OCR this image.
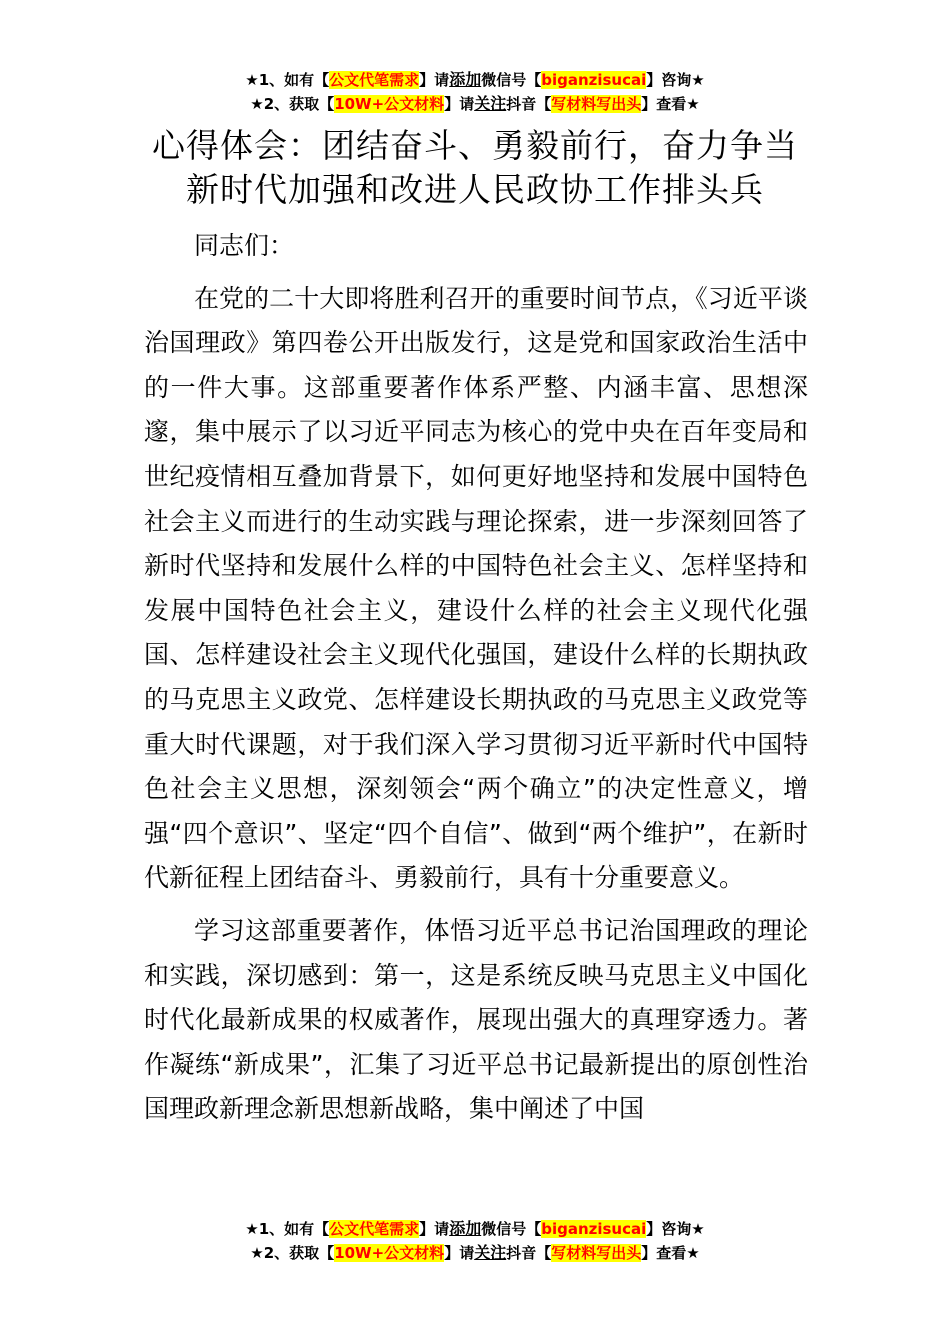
★1、如有【公文代笔需求】请添加微信号【biganzisucai】咨询★
★2、获取【10W+公文材料】请关注抖音【写材料写出头】查看★
心得体会：团结奋斗、勇毅前行，奋力争当
新时代加强和改进人民政协工作排头兵

同志们：

在党的二十大即将胜利召开的重要时间节点，《习近平谈治国理政》第四卷公开出版发行，这是党和国家政治生活中的一件大事。这部重要著作体系严整、内涵丰富、思想深邃，集中展示了以习近平同志为核心的党中央在百年变局和世纪疫情相互叠加背景下，如何更好地坚持和发展中国特色社会主义而进行的生动实践与理论探索，进一步深刻回答了新时代坚持和发展什么样的中国特色社会主义、怎样坚持和发展中国特色社会主义，建设什么样的社会主义现代化强国、怎样建设社会主义现代化强国，建设什么样的长期执政的马克思主义政党、怎样建设长期执政的马克思主义政党等重大时代课题，对于我们深入学习贯彻习近平新时代中国特色社会主义思想，深刻领会“两个确立”的决定性意义，增强“四个意识”、坚定“四个自信”、做到“两个维护”，在新时代新征程上团结奋斗、勇毅前行，具有十分重要意义。

学习这部重要著作，体悟习近平总书记治国理政的理论和实践，深切感到：第一，这是系统反映马克思主义中国化时代化最新成果的权威著作，展现出强大的真理穿透力。著作凝练“新成果”，汇集了习近平总书记最新提出的原创性治国理政新理念新思想新战略，集中阐述了中国

★1、如有【公文代笔需求】请添加微信号【biganzisucai】咨询★
★2、获取【10W+公文材料】请关注抖音【写材料写出头】查看★
